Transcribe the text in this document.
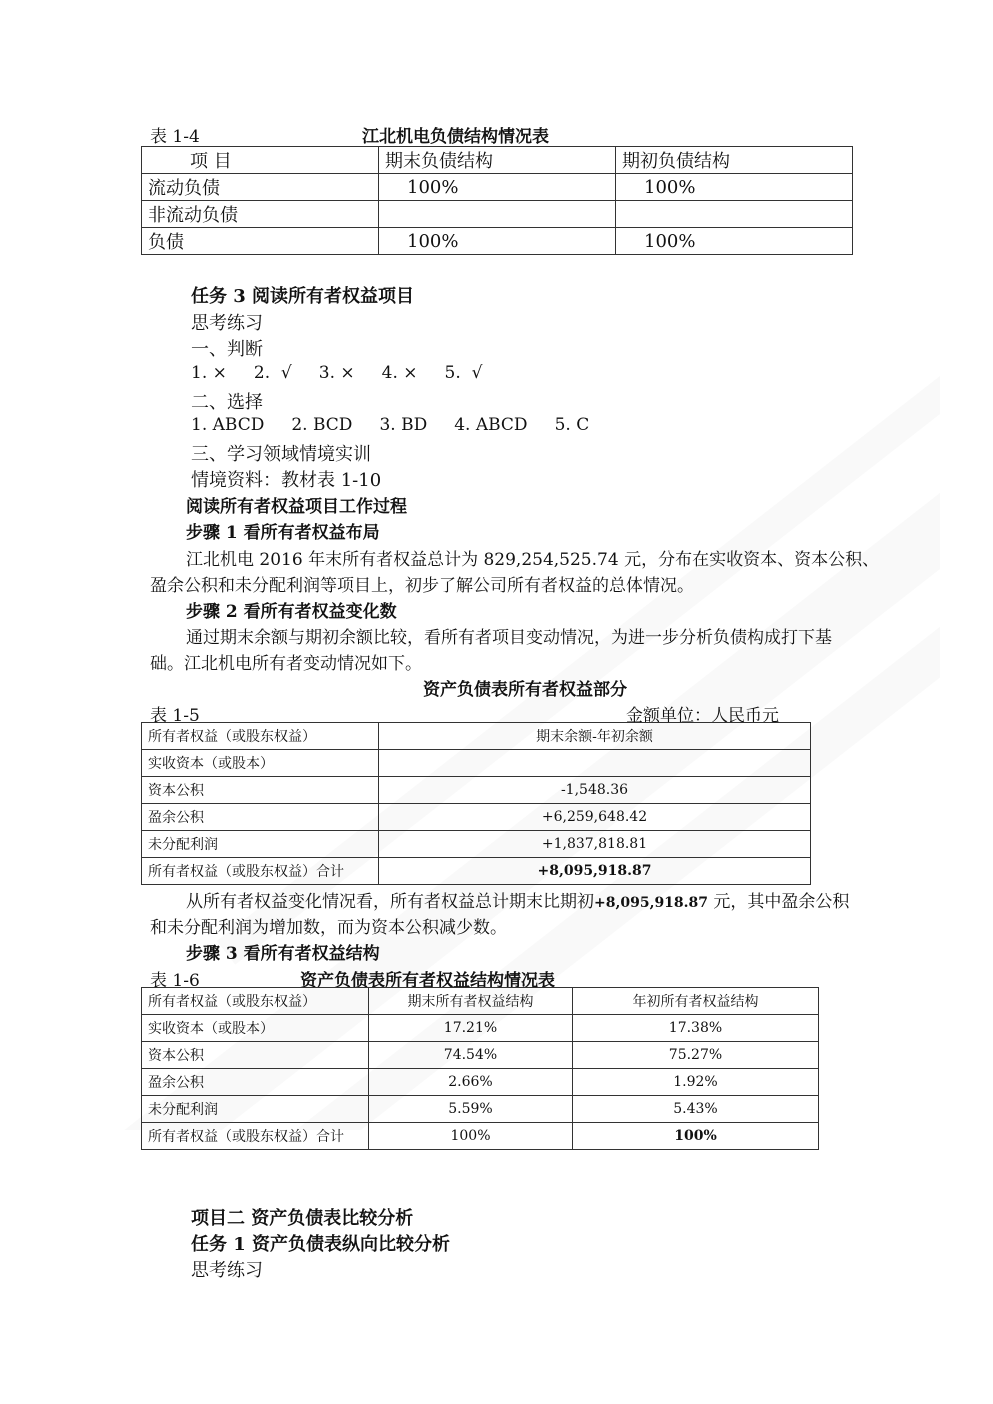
表 1-4	江北机电负债结构情况表
项 目	期末负债结构	期初负债结构
流动负债	100%	100%
非流动负债		
负债	100%	100%
任务 3 阅读所有者权益项目
思考练习
一、判断
1. ×     2.  √     3. ×     4. ×     5.  √
二、选择
1. ABCD     2. BCD     3. BD     4. ABCD     5. C
三、学习领域情境实训
情境资料：教材表 1-10
阅读所有者权益项目工作过程
步骤 1 看所有者权益布局
江北机电 2016 年末所有者权益总计为 829,254,525.74 元，分布在实收资本、资本公积、
盈余公积和未分配利润等项目上，初步了解公司所有者权益的总体情况。
步骤 2 看所有者权益变化数
通过期末余额与期初余额比较，看所有者项目变动情况，为进一步分析负债构成打下基
础。江北机电所有者变动情况如下。
资产负债表所有者权益部分
表 1-5	金额单位：人民币元
所有者权益（或股东权益）	期末余额-年初余额
实收资本（或股本）	
资本公积	-1,548.36
盈余公积	+6,259,648.42
未分配利润	+1,837,818.81
所有者权益（或股东权益）合计	+8,095,918.87
从所有者权益变化情况看，所有者权益总计期末比期初+8,095,918.87 元，其中盈余公积
和未分配利润为增加数，而为资本公积减少数。
步骤 3 看所有者权益结构
表 1-6	资产负债表所有者权益结构情况表
所有者权益（或股东权益）	期末所有者权益结构	年初所有者权益结构
实收资本（或股本）	17.21%	17.38%
资本公积	74.54%	75.27%
盈余公积	2.66%	1.92%
未分配利润	5.59%	5.43%
所有者权益（或股东权益）合计	100%	100%
项目二 资产负债表比较分析
任务 1 资产负债表纵向比较分析
思考练习
